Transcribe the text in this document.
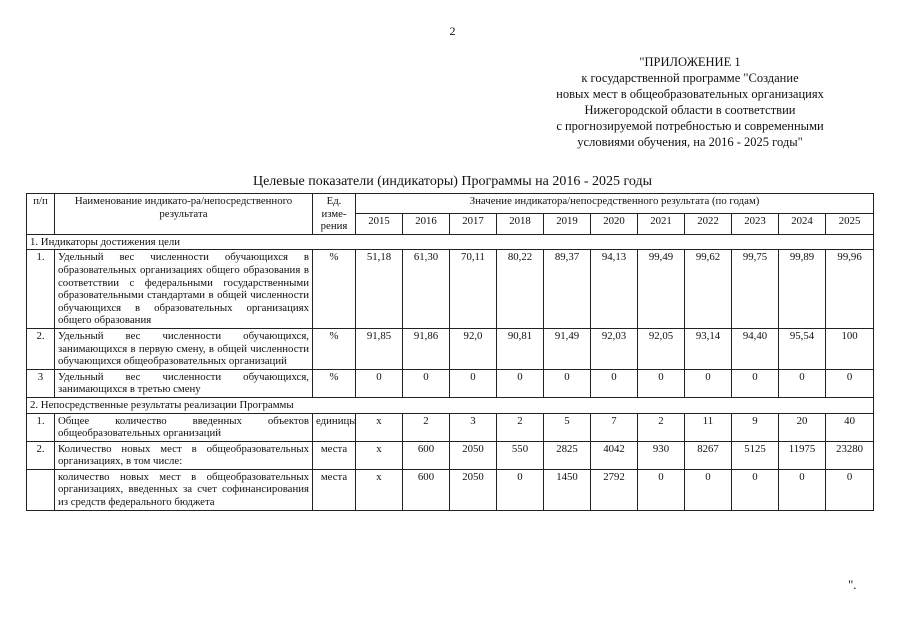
2
"ПРИЛОЖЕНИЕ 1
к государственной программе "Создание
новых мест в общеобразовательных организациях
Нижегородской области в соответствии
с прогнозируемой потребностью и современными
условиями обучения, на 2016 - 2025 годы"
Целевые показатели (индикаторы) Программы на 2016 - 2025 годы
п/п	Наименование индикато-ра/непосредственного результата	Ед. изме-рения	Значение индикатора/непосредственного результата (по годам)										
			2015	2016	2017	2018	2019	2020	2021	2022	2023	2024	2025
1. Индикаторы достижения цели													
1.	Удельный вес численности обучающихся в образовательных организациях общего образования в соответствии с федеральными государственными образовательными стандартами в общей численности обучающихся в образовательных организациях общего образования	%	51,18	61,30	70,11	80,22	89,37	94,13	99,49	99,62	99,75	99,89	99,96
2.	Удельный вес численности обучающихся, занимающихся в первую смену, в общей численности обучающихся общеобразовательных организаций	%	91,85	91,86	92,0	90,81	91,49	92,03	92,05	93,14	94,40	95,54	100
3	Удельный вес численности обучающихся, занимающихся в третью смену	%	0	0	0	0	0	0	0	0	0	0	0
2. Непосредственные результаты реализации Программы													
1.	Общее количество введенных объектов общеобразовательных организаций	единицы	х	2	3	2	5	7	2	11	9	20	40
2.	Количество новых мест в общеобразовательных организациях, в том числе:	места	х	600	2050	550	2825	4042	930	8267	5125	11975	23280
	количество новых мест в общеобразовательных организациях, введенных за счет софинансирования из средств федерального бюджета	места	х	600	2050	0	1450	2792	0	0	0	0	0
".
